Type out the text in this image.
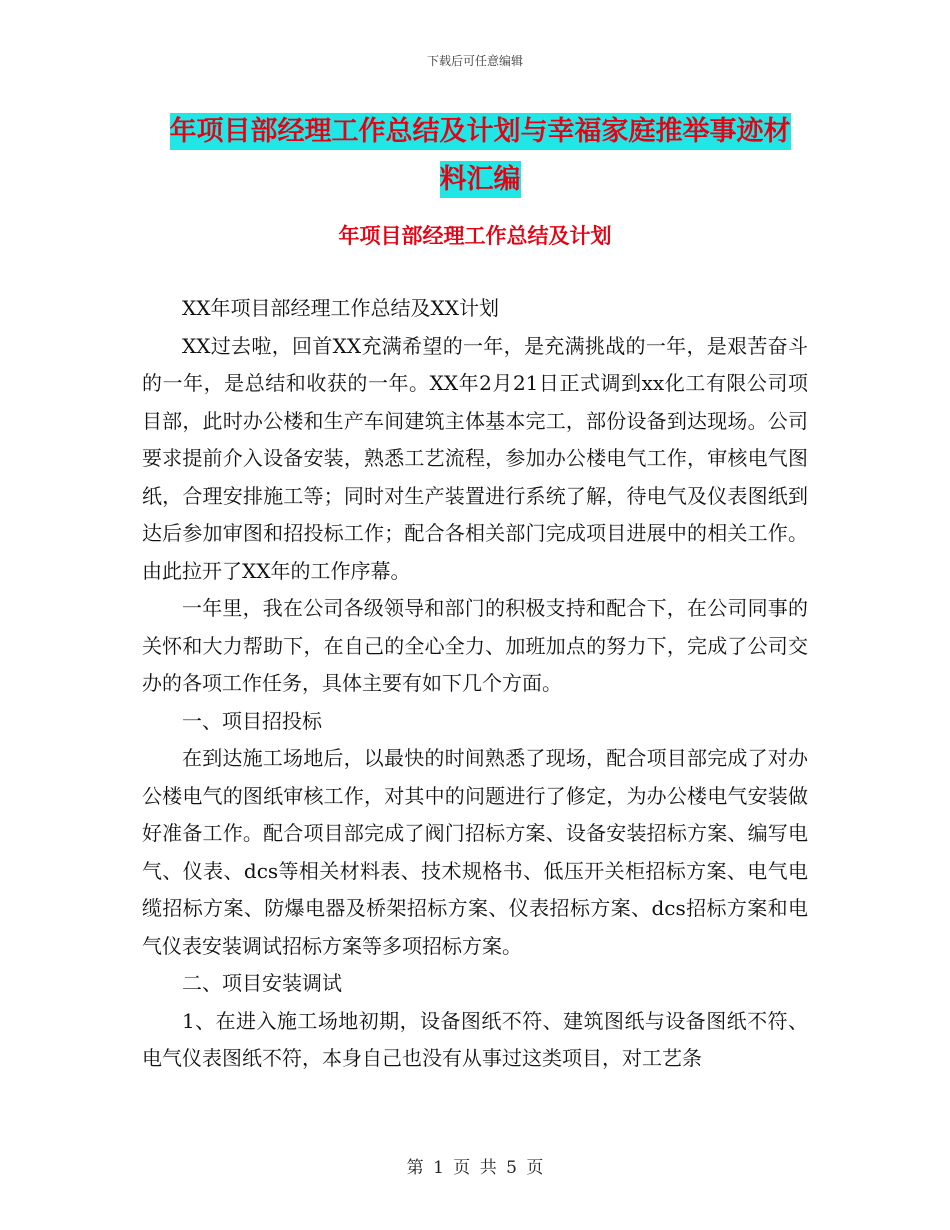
下载后可任意编辑
年项目部经理工作总结及计划与幸福家庭推举事迹材
料汇编
年项目部经理工作总结及计划

XX年项目部经理工作总结及XX计划

XX过去啦，回首XX充满希望的一年，是充满挑战的一年，是艰苦奋斗的一年，是总结和收获的一年。XX年2月21日正式调到xx化工有限公司项目部，此时办公楼和生产车间建筑主体基本完工，部份设备到达现场。公司要求提前介入设备安装，熟悉工艺流程，参加办公楼电气工作，审核电气图纸，合理安排施工等；同时对生产装置进行系统了解，待电气及仪表图纸到达后参加审图和招投标工作；配合各相关部门完成项目进展中的相关工作。由此拉开了XX年的工作序幕。

一年里，我在公司各级领导和部门的积极支持和配合下，在公司同事的关怀和大力帮助下，在自己的全心全力、加班加点的努力下，完成了公司交办的各项工作任务，具体主要有如下几个方面。

一、项目招投标

在到达施工场地后，以最快的时间熟悉了现场，配合项目部完成了对办公楼电气的图纸审核工作，对其中的问题进行了修定，为办公楼电气安装做好准备工作。配合项目部完成了阀门招标方案、设备安装招标方案、编写电气、仪表、dcs等相关材料表、技术规格书、低压开关柜招标方案、电气电缆招标方案、防爆电器及桥架招标方案、仪表招标方案、dcs招标方案和电气仪表安装调试招标方案等多项招标方案。

二、项目安装调试

1、在进入施工场地初期，设备图纸不符、建筑图纸与设备图纸不符、电气仪表图纸不符，本身自己也没有从事过这类项目，对工艺条

第 1 页 共 5 页
